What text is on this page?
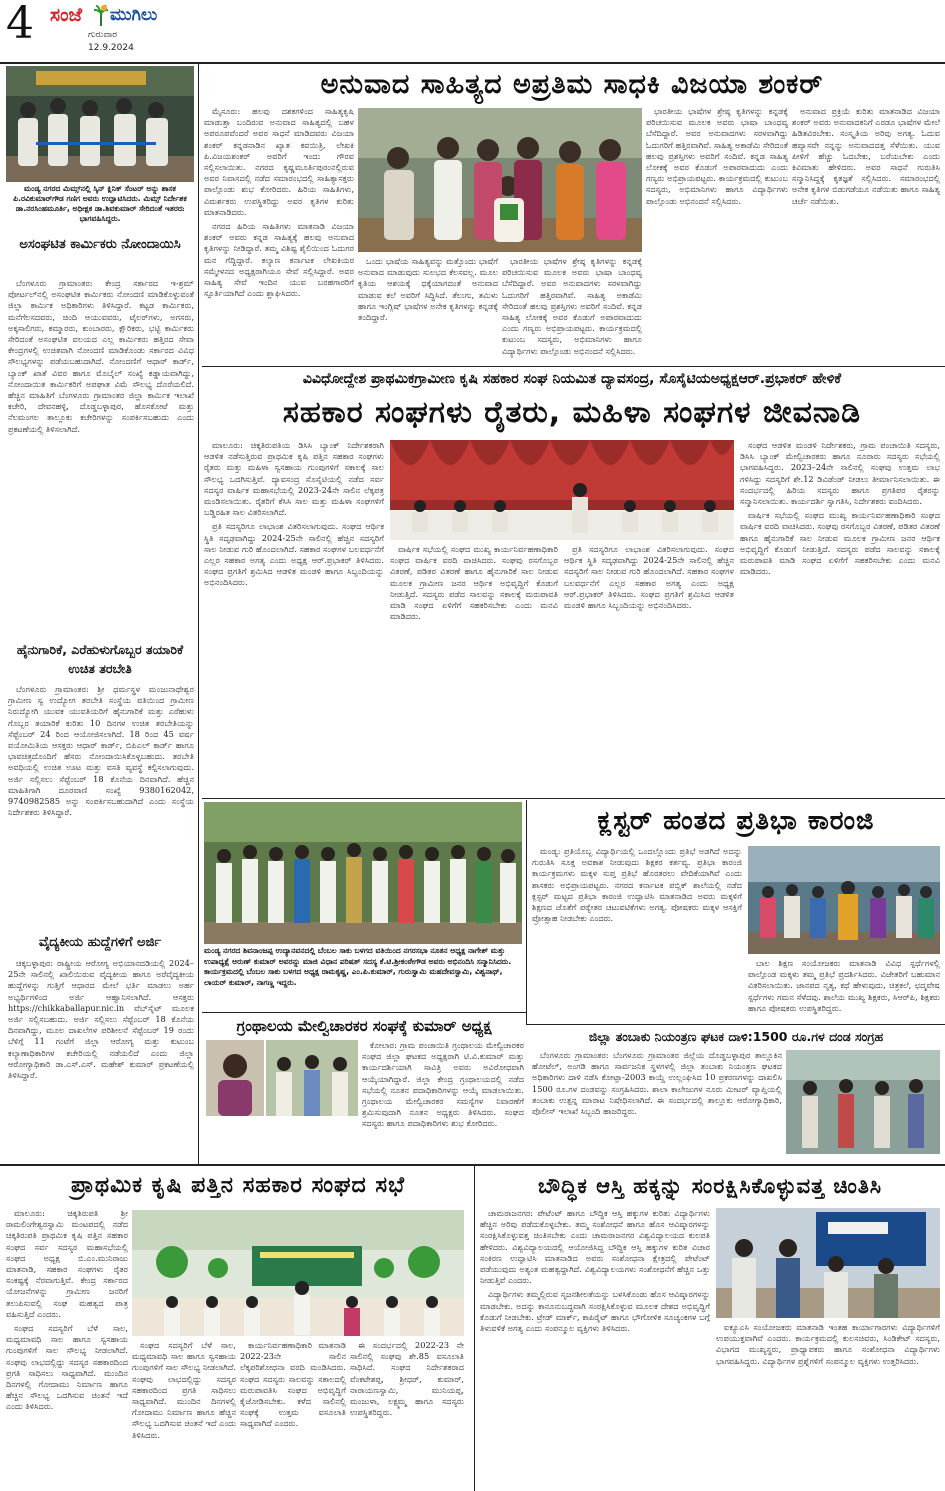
4 ಸಂಜೆ ಮುಗಿಲು
ಗುರುವಾರ
12.9.2024
ಮಂಡ್ಯ ನಗರದ ಮಿಮ್ಸ್‌ನಲ್ಲಿ ಸ್ಕಿನ್ ಕ್ಲಿನಿಕ್ ಸೆಂಟರ್ ಅನ್ನು ಶಾಸಕ ಪಿ.ರವಿಕುಮಾರ್‌ಗೌಡ ಗಣಿಗ ಅವರು ಉದ್ಘಾಟಿಸಿದರು. ಮಿಮ್ಸ್ ನಿರ್ದೇಶಕ ಡಾ.ನರಸಿಂಹಮೂರ್ತಿ, ಅಧೀಕ್ಷಕ ಡಾ.ಶಿವಕುಮಾರ್ ಸೇರಿದಂತೆ ಇತರರು ಭಾಗವಹಿಸಿದ್ದರು.
ಅಸಂಘಟಿತ ಕಾರ್ಮಿಕರು ನೋಂದಾಯಿಸಿ

ಬೆಂಗಳೂರು ಗ್ರಾಮಾಂತರ: ಕೇಂದ್ರ ಸರ್ಕಾರದ ಇ-ಶ್ರಮ್ ಪೋರ್ಟಲ್‌ನಲ್ಲಿ ಅಸಂಘಟಿತ ಕಾರ್ಮಿಕರು ನೋಂದಣಿ ಮಾಡಿಕೊಳ್ಳುವಂತೆ ಜಿಲ್ಲಾ ಕಾರ್ಮಿಕ ಅಧಿಕಾರಿಗಳು ತಿಳಿಸಿದ್ದಾರೆ. ಕಟ್ಟಡ ಕಾರ್ಮಿಕರು, ಮನೆಗೆಲಸದವರು, ಚಿಂದಿ ಆಯುವವರು, ಟೈಲರ್‌ಗಳು, ಅಗಸರು, ಅಕ್ಕಸಾಲಿಗರು, ಕಮ್ಮಾರರು, ಕುಂಬಾರರು, ಕ್ಷೌರಿಕರು, ಭಟ್ಟಿ ಕಾರ್ಮಿಕರು ಸೇರಿದಂತೆ ಅಸಂಘಟಿತ ವಲಯದ ಎಲ್ಲ ಕಾರ್ಮಿಕರು ಹತ್ತಿರದ ಸೇವಾ ಕೇಂದ್ರಗಳಲ್ಲಿ ಉಚಿತವಾಗಿ ನೋಂದಣಿ ಮಾಡಿಕೊಂಡು ಸರ್ಕಾರದ ವಿವಿಧ ಸೌಲಭ್ಯಗಳನ್ನು ಪಡೆಯಬಹುದಾಗಿದೆ. ನೋಂದಣಿಗೆ ಆಧಾರ್ ಕಾರ್ಡ್, ಬ್ಯಾಂಕ್ ಖಾತೆ ವಿವರ ಹಾಗೂ ಮೊಬೈಲ್ ಸಂಖ್ಯೆ ಕಡ್ಡಾಯವಾಗಿದ್ದು, ನೋಂದಾಯಿತ ಕಾರ್ಮಿಕರಿಗೆ ಅಪಘಾತ ವಿಮೆ ಸೌಲಭ್ಯ ದೊರೆಯಲಿದೆ. ಹೆಚ್ಚಿನ ಮಾಹಿತಿಗೆ ಬೆಂಗಳೂರು ಗ್ರಾಮಾಂತರ ಜಿಲ್ಲಾ ಕಾರ್ಮಿಕ ಇಲಾಖೆ ಕಚೇರಿ, ದೇವನಹಳ್ಳಿ, ದೊಡ್ಡಬಳ್ಳಾಪುರ, ಹೊಸಕೋಟೆ ಮತ್ತು ನೆಲಮಂಗಲ ತಾಲ್ಲೂಕು ಕಚೇರಿಗಳನ್ನು ಸಂಪರ್ಕಿಸಬಹುದು ಎಂದು ಪ್ರಕಟಣೆಯಲ್ಲಿ ತಿಳಿಸಲಾಗಿದೆ.

ಹೈನುಗಾರಿಕೆ, ಎರೆಹುಳುಗೊಬ್ಬರ ತಯಾರಿಕೆ ಉಚಿತ ತರಬೇತಿ

ಬೆಂಗಳೂರು ಗ್ರಾಮಾಂತರ: ಶ್ರೀ ಧರ್ಮಸ್ಥಳ ಮಂಜುನಾಥೇಶ್ವರ ಗ್ರಾಮೀಣ ಸ್ವ ಉದ್ಯೋಗ ತರಬೇತಿ ಸಂಸ್ಥೆಯ ವತಿಯಿಂದ ಗ್ರಾಮೀಣ ನಿರುದ್ಯೋಗಿ ಯುವಕ ಯುವತಿಯರಿಗೆ ಹೈನುಗಾರಿಕೆ ಮತ್ತು ಎರೆಹುಳು ಗೊಬ್ಬರ ತಯಾರಿಕೆ ಕುರಿತು 10 ದಿನಗಳ ಉಚಿತ ತರಬೇತಿಯನ್ನು ಸೆಪ್ಟೆಂಬರ್ 24 ರಿಂದ ಆಯೋಜಿಸಲಾಗಿದೆ. 18 ರಿಂದ 45 ವರ್ಷ ವಯೋಮಿತಿಯ ಆಸಕ್ತರು ಆಧಾರ್ ಕಾರ್ಡ್, ಬಿಪಿಎಲ್ ಕಾರ್ಡ್ ಹಾಗೂ ಭಾವಚಿತ್ರದೊಂದಿಗೆ ಹೆಸರು ನೋಂದಾಯಿಸಿಕೊಳ್ಳಬಹುದು. ತರಬೇತಿ ಅವಧಿಯಲ್ಲಿ ಉಚಿತ ಊಟ ಮತ್ತು ವಸತಿ ವ್ಯವಸ್ಥೆ ಕಲ್ಪಿಸಲಾಗುವುದು. ಅರ್ಜಿ ಸಲ್ಲಿಸಲು ಸೆಪ್ಟೆಂಬರ್ 18 ಕೊನೆಯ ದಿನವಾಗಿದೆ. ಹೆಚ್ಚಿನ ಮಾಹಿತಿಗಾಗಿ ದೂರವಾಣಿ ಸಂಖ್ಯೆ 9380162042, 9740982585 ಅನ್ನು ಸಂಪರ್ಕಿಸಬಹುದಾಗಿದೆ ಎಂದು ಸಂಸ್ಥೆಯ ನಿರ್ದೇಶಕರು ತಿಳಿಸಿದ್ದಾರೆ.

ವೈದ್ಯಕೀಯ ಹುದ್ದೆಗಳಿಗೆ ಅರ್ಜಿ

ಚಿಕ್ಕಬಳ್ಳಾಪುರ: ರಾಷ್ಟ್ರೀಯ ಆರೋಗ್ಯ ಅಭಿಯಾನದಡಿಯಲ್ಲಿ 2024–25ನೇ ಸಾಲಿನಲ್ಲಿ ಖಾಲಿಯಿರುವ ವೈದ್ಯಕೀಯ ಹಾಗೂ ಅರೆವೈದ್ಯಕೀಯ ಹುದ್ದೆಗಳನ್ನು ಗುತ್ತಿಗೆ ಆಧಾರದ ಮೇಲೆ ಭರ್ತಿ ಮಾಡಲು ಅರ್ಹ ಅಭ್ಯರ್ಥಿಗಳಿಂದ ಅರ್ಜಿ ಆಹ್ವಾನಿಸಲಾಗಿದೆ. ಆಸಕ್ತರು https://chikkaballapur.nic.in ವೆಬ್‌ಸೈಟ್ ಮೂಲಕ ಅರ್ಜಿ ಸಲ್ಲಿಸಬಹುದು. ಅರ್ಜಿ ಸಲ್ಲಿಸಲು ಸೆಪ್ಟೆಂಬರ್ 18 ಕೊನೆಯ ದಿನವಾಗಿದ್ದು, ಮೂಲ ದಾಖಲೆಗಳ ಪರಿಶೀಲನೆ ಸೆಪ್ಟೆಂಬರ್ 19 ರಂದು ಬೆಳಿಗ್ಗೆ 11 ಗಂಟೆಗೆ ಜಿಲ್ಲಾ ಆರೋಗ್ಯ ಮತ್ತು ಕುಟುಂಬ ಕಲ್ಯಾಣಾಧಿಕಾರಿಗಳ ಕಚೇರಿಯಲ್ಲಿ ನಡೆಯಲಿದೆ ಎಂದು ಜಿಲ್ಲಾ ಆರೋಗ್ಯಾಧಿಕಾರಿ ಡಾ.ಎಸ್.ಎಸ್. ಮಹೇಶ್ ಕುಮಾರ್ ಪ್ರಕಟಣೆಯಲ್ಲಿ ತಿಳಿಸಿದ್ದಾರೆ.

ಅನುವಾದ ಸಾಹಿತ್ಯದ ಅಪ್ರತಿಮ ಸಾಧಕಿ ವಿಜಯಾ ಶಂಕರ್

ಮೈಸೂರು: ಹಲವು ದಶಕಗಳಿಂದ ಸಾಹಿತ್ಯಕೃಷಿ ಮಾಡುತ್ತಾ ಬಂದಿರುವ ಅನುವಾದ ಸಾಹಿತ್ಯದಲ್ಲಿ ಬಹಳ ಅಪರೂಪವೆಂದರೆ ಅವರ ಸಾಧನೆ ಮಾಡಿದವರು ವಿಜಯಾ ಶಂಕರ್ ಕನ್ನಡನಾಡಿನ ಖ್ಯಾತ ಕವಯಿತ್ರಿ, ಲೇಖಕಿ ಪಿ.ವಿಜಯಶಂಕರ್ ಅವರಿಗೆ ಇಂದು ಗೌರವ ಸಲ್ಲಿಸಲಾಯಿತು. ನಗರದ ಕೃಷ್ಣಮೂರ್ತಿಪುರಂನಲ್ಲಿರುವ ಅವರ ನಿವಾಸದಲ್ಲಿ ನಡೆದ ಸಮಾರಂಭದಲ್ಲಿ ಸಾಹಿತ್ಯಾಸಕ್ತರು ಪಾಲ್ಗೊಂಡು ಶುಭ ಕೋರಿದರು. ಹಿರಿಯ ಸಾಹಿತಿಗಳು, ವಿಮರ್ಶಕರು ಉಪಸ್ಥಿತರಿದ್ದು ಅವರ ಕೃತಿಗಳ ಕುರಿತು ಮಾತನಾಡಿದರು.

ನಗರದ ಹಿರಿಯ ಸಾಹಿತಿಗಳು ಮಾತನಾಡಿ ವಿಜಯಾ ಶಂಕರ್ ಅವರು ಕನ್ನಡ ಸಾಹಿತ್ಯಕ್ಕೆ ಹಲವು ಅನುವಾದ ಕೃತಿಗಳನ್ನು ನೀಡಿದ್ದಾರೆ. ತಮ್ಮ ವಿಶಿಷ್ಟ ಶೈಲಿಯಿಂದ ಓದುಗರ ಮನ ಗೆದ್ದಿದ್ದಾರೆ. ಕಲ್ಯಾಣ ಕರ್ನಾಟಕ ಲೇಖಕಿಯರ ಸಮ್ಮೇಳನದ ಅಧ್ಯಕ್ಷರಾಗಿಯೂ ಸೇವೆ ಸಲ್ಲಿಸಿದ್ದಾರೆ. ಅವರ ಸಾಹಿತ್ಯ ಸೇವೆ ಇಂದಿನ ಯುವ ಬರಹಗಾರರಿಗೆ ಸ್ಫೂರ್ತಿಯಾಗಿದೆ ಎಂದು ಶ್ಲಾಘಿಸಿದರು.

ಒಂದು ಭಾಷೆಯ ಸಾಹಿತ್ಯವನ್ನು ಮತ್ತೊಂದು ಭಾಷೆಗೆ ಅನುವಾದ ಮಾಡುವುದು ಸುಲಭದ ಕೆಲಸವಲ್ಲ. ಮೂಲ ಕೃತಿಯ ಆಶಯಕ್ಕೆ ಧಕ್ಕೆಯಾಗದಂತೆ ಅನುವಾದ ಮಾಡುವ ಕಲೆ ಅವರಿಗೆ ಸಿದ್ಧಿಸಿದೆ. ತೆಲುಗು, ತಮಿಳು ಹಾಗೂ ಇಂಗ್ಲಿಷ್ ಭಾಷೆಗಳ ಅನೇಕ ಕೃತಿಗಳನ್ನು ಕನ್ನಡಕ್ಕೆ ತಂದಿದ್ದಾರೆ.

ಭಾರತೀಯ ಭಾಷೆಗಳ ಶ್ರೇಷ್ಠ ಕೃತಿಗಳನ್ನು ಕನ್ನಡಕ್ಕೆ ಪರಿಚಯಿಸುವ ಮೂಲಕ ಅವರು ಭಾಷಾ ಬಾಂಧವ್ಯ ಬೆಸೆದಿದ್ದಾರೆ. ಅವರ ಅನುವಾದಗಳು ಸರಳವಾಗಿದ್ದು ಓದುಗರಿಗೆ ಹತ್ತಿರವಾಗಿವೆ. ಸಾಹಿತ್ಯ ಅಕಾಡೆಮಿ ಸೇರಿದಂತೆ ಹಲವು ಪ್ರಶಸ್ತಿಗಳು ಅವರಿಗೆ ಸಂದಿವೆ. ಕನ್ನಡ ಸಾಹಿತ್ಯ ಲೋಕಕ್ಕೆ ಅವರ ಕೊಡುಗೆ ಅಪಾರವಾದುದು ಎಂದು ಗಣ್ಯರು ಅಭಿಪ್ರಾಯಪಟ್ಟರು. ಕಾರ್ಯಕ್ರಮದಲ್ಲಿ ಕುಟುಂಬ ಸದಸ್ಯರು, ಅಭಿಮಾನಿಗಳು ಹಾಗೂ ವಿದ್ಯಾರ್ಥಿಗಳು ಪಾಲ್ಗೊಂಡು ಅಭಿನಂದನೆ ಸಲ್ಲಿಸಿದರು.

ಭಾರತೀಯ ಭಾಷೆಗಳ ಶ್ರೇಷ್ಠ ಕೃತಿಗಳನ್ನು ಕನ್ನಡಕ್ಕೆ ಪರಿಚಯಿಸುವ ಮೂಲಕ ಅವರು ಭಾಷಾ ಬಾಂಧವ್ಯ ಬೆಸೆದಿದ್ದಾರೆ. ಅವರ ಅನುವಾದಗಳು ಸರಳವಾಗಿದ್ದು ಓದುಗರಿಗೆ ಹತ್ತಿರವಾಗಿವೆ. ಸಾಹಿತ್ಯ ಅಕಾಡೆಮಿ ಸೇರಿದಂತೆ ಹಲವು ಪ್ರಶಸ್ತಿಗಳು ಅವರಿಗೆ ಸಂದಿವೆ. ಕನ್ನಡ ಸಾಹಿತ್ಯ ಲೋಕಕ್ಕೆ ಅವರ ಕೊಡುಗೆ ಅಪಾರವಾದುದು ಎಂದು ಗಣ್ಯರು ಅಭಿಪ್ರಾಯಪಟ್ಟರು. ಕಾರ್ಯಕ್ರಮದಲ್ಲಿ ಕುಟುಂಬ ಸದಸ್ಯರು, ಅಭಿಮಾನಿಗಳು ಹಾಗೂ ವಿದ್ಯಾರ್ಥಿಗಳು ಪಾಲ್ಗೊಂಡು ಅಭಿನಂದನೆ ಸಲ್ಲಿಸಿದರು.

ಅನುವಾದ ಪ್ರಕ್ರಿಯೆ ಕುರಿತು ಮಾತನಾಡಿದ ವಿಜಯಾ ಶಂಕರ್ ಅವರು ಅನುವಾದಕನಿಗೆ ಎರಡೂ ಭಾಷೆಗಳ ಮೇಲೆ ಹಿಡಿತವಿರಬೇಕು. ಸಂಸ್ಕೃತಿಯ ಅರಿವು ಅಗತ್ಯ. ಓದುವ ಹವ್ಯಾಸವೇ ನನ್ನನ್ನು ಅನುವಾದದತ್ತ ಸೆಳೆಯಿತು. ಯುವ ಪೀಳಿಗೆ ಹೆಚ್ಚು ಓದಬೇಕು, ಬರೆಯಬೇಕು ಎಂದು ಕಿವಿಮಾತು ಹೇಳಿದರು. ಅವರ ಸಾಧನೆ ಗುರುತಿಸಿ ಸನ್ಮಾನಿಸಿದ್ದಕ್ಕೆ ಕೃತಜ್ಞತೆ ಸಲ್ಲಿಸಿದರು. ಸಮಾರಂಭದಲ್ಲಿ ಅನೇಕ ಕೃತಿಗಳ ಬಿಡುಗಡೆಯೂ ನಡೆಯಿತು ಹಾಗೂ ಸಾಹಿತ್ಯ ಚರ್ಚೆ ನಡೆಯಿತು.

ವಿವಿಧೋದ್ದೇಶ ಪ್ರಾಥಮಿಕಗ್ರಾಮೀಣ ಕೃಷಿ ಸಹಕಾರ ಸಂಘ ನಿಯಮಿತ ದ್ಯಾವಸಂದ್ರ, ಸೊಸೈಟಿಯಅಧ್ಯಕ್ಷಆರ್.ಪ್ರಭಾಕರ್ ಹೇಳಿಕೆ
ಸಹಕಾರ ಸಂಘಗಳು ರೈತರು, ಮಹಿಳಾ ಸಂಘಗಳ ಜೀವನಾಡಿ

ಮಾಲೂರು: ಚಿಕ್ಕತಿರುಪತಿಯ ಡಿಸಿಸಿ ಬ್ಯಾಂಕ್ ನಿರ್ದೇಶಕರಾಗಿ ಆಡಳಿತ ನಡೆಸುತ್ತಿರುವ ಪ್ರಾಥಮಿಕ ಕೃಷಿ ಪತ್ತಿನ ಸಹಕಾರ ಸಂಘಗಳು ರೈತರು ಮತ್ತು ಮಹಿಳಾ ಸ್ವಸಹಾಯ ಗುಂಪುಗಳಿಗೆ ಸಕಾಲಕ್ಕೆ ಸಾಲ ಸೌಲಭ್ಯ ಒದಗಿಸುತ್ತಿವೆ. ದ್ಯಾವಸಂದ್ರ ಸೊಸೈಟಿಯಲ್ಲಿ ನಡೆದ ಸರ್ವ ಸದಸ್ಯರ ವಾರ್ಷಿಕ ಮಹಾಸಭೆಯಲ್ಲಿ 2023-24ನೇ ಸಾಲಿನ ಲೆಕ್ಕಪತ್ರ ಮಂಡಿಸಲಾಯಿತು. ರೈತರಿಗೆ ಕೆಸಿಸಿ ಸಾಲ ಮತ್ತು ಮಹಿಳಾ ಸಂಘಗಳಿಗೆ ಬಡ್ಡಿರಹಿತ ಸಾಲ ವಿತರಿಸಲಾಗಿದೆ.

ಪ್ರತಿ ಸದಸ್ಯರಿಗೂ ಲಾಭಾಂಶ ವಿತರಿಸಲಾಗುವುದು. ಸಂಘದ ಆರ್ಥಿಕ ಸ್ಥಿತಿ ಸದೃಢವಾಗಿದ್ದು 2024-25ನೇ ಸಾಲಿನಲ್ಲಿ ಹೆಚ್ಚಿನ ಸದಸ್ಯರಿಗೆ ಸಾಲ ನೀಡುವ ಗುರಿ ಹೊಂದಲಾಗಿದೆ. ಸಹಕಾರ ಸಂಘಗಳ ಬಲವರ್ಧನೆಗೆ ಎಲ್ಲರ ಸಹಕಾರ ಅಗತ್ಯ ಎಂದು ಅಧ್ಯಕ್ಷ ಆರ್.ಪ್ರಭಾಕರ್ ತಿಳಿಸಿದರು. ಸಂಘದ ಪ್ರಗತಿಗೆ ಶ್ರಮಿಸಿದ ಆಡಳಿತ ಮಂಡಳಿ ಹಾಗೂ ಸಿಬ್ಬಂದಿಯನ್ನು ಅಭಿನಂದಿಸಿದರು.

ವಾರ್ಷಿಕ ಸಭೆಯಲ್ಲಿ ಸಂಘದ ಮುಖ್ಯ ಕಾರ್ಯನಿರ್ವಹಣಾಧಿಕಾರಿ ಸಂಘದ ವಾರ್ಷಿಕ ವರದಿ ವಾಚಿಸಿದರು. ಸಂಘವು ರಸಗೊಬ್ಬರ ವಿತರಣೆ, ಪಡಿತರ ವಿತರಣೆ ಹಾಗೂ ಹೈನುಗಾರಿಕೆ ಸಾಲ ನೀಡುವ ಮೂಲಕ ಗ್ರಾಮೀಣ ಜನರ ಆರ್ಥಿಕ ಅಭಿವೃದ್ಧಿಗೆ ಕೊಡುಗೆ ನೀಡುತ್ತಿದೆ. ಸದಸ್ಯರು ಪಡೆದ ಸಾಲವನ್ನು ಸಕಾಲಕ್ಕೆ ಮರುಪಾವತಿ ಮಾಡಿ ಸಂಘದ ಏಳಿಗೆಗೆ ಸಹಕರಿಸಬೇಕು ಎಂದು ಮನವಿ ಮಾಡಿದರು.

ಪ್ರತಿ ಸದಸ್ಯರಿಗೂ ಲಾಭಾಂಶ ವಿತರಿಸಲಾಗುವುದು. ಸಂಘದ ಆರ್ಥಿಕ ಸ್ಥಿತಿ ಸದೃಢವಾಗಿದ್ದು 2024-25ನೇ ಸಾಲಿನಲ್ಲಿ ಹೆಚ್ಚಿನ ಸದಸ್ಯರಿಗೆ ಸಾಲ ನೀಡುವ ಗುರಿ ಹೊಂದಲಾಗಿದೆ. ಸಹಕಾರ ಸಂಘಗಳ ಬಲವರ್ಧನೆಗೆ ಎಲ್ಲರ ಸಹಕಾರ ಅಗತ್ಯ ಎಂದು ಅಧ್ಯಕ್ಷ ಆರ್.ಪ್ರಭಾಕರ್ ತಿಳಿಸಿದರು. ಸಂಘದ ಪ್ರಗತಿಗೆ ಶ್ರಮಿಸಿದ ಆಡಳಿತ ಮಂಡಳಿ ಹಾಗೂ ಸಿಬ್ಬಂದಿಯನ್ನು ಅಭಿನಂದಿಸಿದರು.

ಸಂಘದ ಆಡಳಿತ ಮಂಡಳಿ ನಿರ್ದೇಶಕರು, ಗ್ರಾಮ ಪಂಚಾಯಿತಿ ಸದಸ್ಯರು, ಡಿಸಿಸಿ ಬ್ಯಾಂಕ್ ಮೇಲ್ವಿಚಾರಕರು ಹಾಗೂ ನೂರಾರು ಸದಸ್ಯರು ಸಭೆಯಲ್ಲಿ ಭಾಗವಹಿಸಿದ್ದರು. 2023–24ನೇ ಸಾಲಿನಲ್ಲಿ ಸಂಘವು ಉತ್ತಮ ಲಾಭ ಗಳಿಸಿದ್ದು ಸದಸ್ಯರಿಗೆ ಶೇ.12 ಡಿವಿಡೆಂಡ್ ನೀಡಲು ತೀರ್ಮಾನಿಸಲಾಯಿತು. ಈ ಸಂದರ್ಭದಲ್ಲಿ ಹಿರಿಯ ಸದಸ್ಯರು ಹಾಗೂ ಪ್ರಗತಿಪರ ರೈತರನ್ನು ಸನ್ಮಾನಿಸಲಾಯಿತು. ಕಾರ್ಯದರ್ಶಿ ಸ್ವಾಗತಿಸಿ, ನಿರ್ದೇಶಕರು ವಂದಿಸಿದರು.

ವಾರ್ಷಿಕ ಸಭೆಯಲ್ಲಿ ಸಂಘದ ಮುಖ್ಯ ಕಾರ್ಯನಿರ್ವಹಣಾಧಿಕಾರಿ ಸಂಘದ ವಾರ್ಷಿಕ ವರದಿ ವಾಚಿಸಿದರು. ಸಂಘವು ರಸಗೊಬ್ಬರ ವಿತರಣೆ, ಪಡಿತರ ವಿತರಣೆ ಹಾಗೂ ಹೈನುಗಾರಿಕೆ ಸಾಲ ನೀಡುವ ಮೂಲಕ ಗ್ರಾಮೀಣ ಜನರ ಆರ್ಥಿಕ ಅಭಿವೃದ್ಧಿಗೆ ಕೊಡುಗೆ ನೀಡುತ್ತಿದೆ. ಸದಸ್ಯರು ಪಡೆದ ಸಾಲವನ್ನು ಸಕಾಲಕ್ಕೆ ಮರುಪಾವತಿ ಮಾಡಿ ಸಂಘದ ಏಳಿಗೆಗೆ ಸಹಕರಿಸಬೇಕು ಎಂದು ಮನವಿ ಮಾಡಿದರು.

ಮಂಡ್ಯ ನಗರದ ಶಿವನಾಂಜಪ್ಪ ಉದ್ಯಾನವನದಲ್ಲಿ ಬೆಂಬಲ ಸಾಕು ಬಳಗದ ವತಿಯಿಂದ ನಗರಸಭಾ ನೂತನ ಅಧ್ಯಕ್ಷ ನಾಗೇಶ್ ಮತ್ತು ಉಪಾಧ್ಯಕ್ಷೆ ಅರುಣ್‌ ಕುಮಾರ್ ಅವರನ್ನು ಮಾಜಿ ವಿಧಾನ ಪರಿಷತ್ ಸದಸ್ಯ ಕೆ.ಟಿ.ಶ್ರೀಕಂಠೇಗೌಡ ಅವರು ಅಭಿನಂದಿಸಿ ಸನ್ಮಾನಿಸಿದರು. ಕಾರ್ಯಕ್ರಮದಲ್ಲಿ ಬೆಂಬಲ ಸಾಕು ಬಳಗದ ಅಧ್ಯಕ್ಷ ರಾಮಕೃಷ್ಣ, ಎಂ.ಪಿ.ಕುಮಾರ್, ಗುರುಸ್ವಾಮಿ ಮಹದೇವಸ್ವಾಮಿ, ವಿಶ್ವನಾಥ್, ಲಾಯರ್ ಕುಮಾರ್, ನಾಗಣ್ಣ ಇದ್ದರು.
ಕ್ಲಸ್ಟರ್ ಹಂತದ ಪ್ರತಿಭಾ ಕಾರಂಜಿ

ಮಂಡ್ಯ: ಪ್ರತಿಯೊಬ್ಬ ವಿದ್ಯಾರ್ಥಿಯಲ್ಲಿ ಒಂದಲ್ಲೊಂದು ಪ್ರತಿಭೆ ಅಡಗಿದೆ ಅದನ್ನು ಗುರುತಿಸಿ ಸೂಕ್ತ ಅವಕಾಶ ನೀಡುವುದು ಶಿಕ್ಷಕರ ಕರ್ತವ್ಯ. ಪ್ರತಿಭಾ ಕಾರಂಜಿ ಕಾರ್ಯಕ್ರಮಗಳು ಮಕ್ಕಳ ಸುಪ್ತ ಪ್ರತಿಭೆ ಹೊರತರಲು ವೇದಿಕೆಯಾಗಿವೆ ಎಂದು ಶಾಸಕರು ಅಭಿಪ್ರಾಯಪಟ್ಟರು. ನಗರದ ಕರ್ನಾಟಕ ಪಬ್ಲಿಕ್ ಶಾಲೆಯಲ್ಲಿ ನಡೆದ ಕ್ಲಸ್ಟರ್ ಮಟ್ಟದ ಪ್ರತಿಭಾ ಕಾರಂಜಿ ಉದ್ಘಾಟಿಸಿ ಮಾತನಾಡಿದ ಅವರು ಮಕ್ಕಳಿಗೆ ಶಿಕ್ಷಣದ ಜೊತೆಗೆ ಪಠ್ಯೇತರ ಚಟುವಟಿಕೆಗಳು ಅಗತ್ಯ. ಪೋಷಕರು ಮಕ್ಕಳ ಆಸಕ್ತಿಗೆ ಪ್ರೋತ್ಸಾಹ ನೀಡಬೇಕು ಎಂದರು.

ಬಾಲ ಶಿಕ್ಷಣ ಸಂಯೋಜಕರು ಮಾತನಾಡಿ ವಿವಿಧ ಸ್ಪರ್ಧೆಗಳಲ್ಲಿ ಪಾಲ್ಗೊಂಡ ಮಕ್ಕಳು ತಮ್ಮ ಪ್ರತಿಭೆ ಪ್ರದರ್ಶಿಸಿದರು. ವಿಜೇತರಿಗೆ ಬಹುಮಾನ ವಿತರಿಸಲಾಯಿತು. ಜಾನಪದ ನೃತ್ಯ, ಕಥೆ ಹೇಳುವುದು, ಚಿತ್ರಕಲೆ, ಛದ್ಮವೇಷ ಸ್ಪರ್ಧೆಗಳು ಗಮನ ಸೆಳೆದವು. ಶಾಲೆಯ ಮುಖ್ಯ ಶಿಕ್ಷಕರು, ಸಿಆರ್‌ಪಿ, ಶಿಕ್ಷಕರು ಹಾಗೂ ಪೋಷಕರು ಉಪಸ್ಥಿತರಿದ್ದರು.

ಗ್ರಂಥಾಲಯ ಮೇಲ್ವಿಚಾರಕರ ಸಂಘಕ್ಕೆ ಕುಮಾರ್ ಅಧ್ಯಕ್ಷ

ಕೋಲಾರ: ಗ್ರಾಮ ಪಂಚಾಯಿತಿ ಗ್ರಂಥಾಲಯ ಮೇಲ್ವಿಚಾರಕರ ಸಂಘದ ಜಿಲ್ಲಾ ಘಟಕದ ಅಧ್ಯಕ್ಷರಾಗಿ ಟಿ.ವಿ.ಕುಮಾರ್ ಮತ್ತು ಕಾರ್ಯದರ್ಶಿಯಾಗಿ ಸಾವಿತ್ರಿ ಅವರು ಅವಿರೋಧವಾಗಿ ಆಯ್ಕೆಯಾಗಿದ್ದಾರೆ. ಜಿಲ್ಲಾ ಕೇಂದ್ರ ಗ್ರಂಥಾಲಯದಲ್ಲಿ ನಡೆದ ಸಭೆಯಲ್ಲಿ ನೂತನ ಪದಾಧಿಕಾರಿಗಳನ್ನು ಆಯ್ಕೆ ಮಾಡಲಾಯಿತು. ಗ್ರಂಥಾಲಯ ಮೇಲ್ವಿಚಾರಕರ ಸಮಸ್ಯೆಗಳ ನಿವಾರಣೆಗೆ ಶ್ರಮಿಸುವುದಾಗಿ ನೂತನ ಅಧ್ಯಕ್ಷರು ತಿಳಿಸಿದರು. ಸಂಘದ ಸದಸ್ಯರು ಹಾಗೂ ಪದಾಧಿಕಾರಿಗಳು ಶುಭ ಕೋರಿದರು.

ಜಿಲ್ಲಾ ತಂಬಾಕು ನಿಯಂತ್ರಣ ಘಟಕ ದಾಳಿ:1500 ರೂ.ಗಳ ದಂಡ ಸಂಗ್ರಹ

ಬೆಂಗಳೂರು ಗ್ರಾಮಾಂತರ: ಬೆಂಗಳೂರು ಗ್ರಾಮಾಂತರ ಜಿಲ್ಲೆಯ ದೊಡ್ಡಬಳ್ಳಾಪುರ ತಾಲ್ಲೂಕಿನ ಹೋಟೆಲ್, ಅಂಗಡಿ ಹಾಗೂ ಸಾರ್ವಜನಿಕ ಸ್ಥಳಗಳಲ್ಲಿ ಜಿಲ್ಲಾ ತಂಬಾಕು ನಿಯಂತ್ರಣ ಘಟಕದ ಅಧಿಕಾರಿಗಳು ದಾಳಿ ನಡೆಸಿ ಕೋಟ್ಪಾ-2003 ಕಾಯ್ದೆ ಉಲ್ಲಂಘಿಸಿದ 10 ಪ್ರಕರಣಗಳನ್ನು ದಾಖಲಿಸಿ 1500 ರೂ.ಗಳ ದಂಡವನ್ನು ಸಂಗ್ರಹಿಸಿದರು. ಶಾಲಾ ಕಾಲೇಜುಗಳ ನೂರು ಮೀಟರ್ ವ್ಯಾಪ್ತಿಯಲ್ಲಿ ತಂಬಾಕು ಉತ್ಪನ್ನ ಮಾರಾಟ ನಿಷೇಧಿಸಲಾಗಿದೆ. ಈ ಸಂದರ್ಭದಲ್ಲಿ ತಾಲ್ಲೂಕು ಆರೋಗ್ಯಾಧಿಕಾರಿ, ಪೊಲೀಸ್ ಇಲಾಖೆ ಸಿಬ್ಬಂದಿ ಹಾಜರಿದ್ದರು.

ಪ್ರಾಥಮಿಕ ಕೃಷಿ ಪತ್ತಿನ ಸಹಕಾರ ಸಂಘದ ಸಭೆ

ಮಾಲೂರು: ಚಿಕ್ಕತಿರುಪತಿ ಶ್ರೀ ರಾಮಲಿಂಗೇಶ್ವರಸ್ವಾಮಿ ಮಂಟಪದಲ್ಲಿ ನಡೆದ ಚಿಕ್ಕತಿರುಪತಿ ಪ್ರಾಥಮಿಕ ಕೃಷಿ ಪತ್ತಿನ ಸಹಕಾರ ಸಂಘದ ಸರ್ವ ಸದಸ್ಯರ ಮಹಾಸಭೆಯಲ್ಲಿ ಸಂಘದ ಅಧ್ಯಕ್ಷ ಬಿ.ಎಂ.ಮುನಿರಾಜು ಮಾತನಾಡಿ, ಸಹಕಾರ ಸಂಘಗಳು ರೈತರ ಸಂಕಷ್ಟಕ್ಕೆ ನೆರವಾಗುತ್ತಿವೆ. ಕೇಂದ್ರ ಸರ್ಕಾರದ ಯೋಜನೆಗಳನ್ನು ಗ್ರಾಮೀಣ ಜನರಿಗೆ ತಲುಪಿಸುವಲ್ಲಿ ಸಂಘ ಮಹತ್ವದ ಪಾತ್ರ ವಹಿಸುತ್ತಿದೆ ಎಂದರು.

ಸಂಘದ ಸದಸ್ಯರಿಗೆ ಬೆಳೆ ಸಾಲ, ಮಧ್ಯಮಾವಧಿ ಸಾಲ ಹಾಗೂ ಸ್ವಸಹಾಯ ಗುಂಪುಗಳಿಗೆ ಸಾಲ ಸೌಲಭ್ಯ ನೀಡಲಾಗಿದೆ. ಸಂಘವು ಲಾಭದಲ್ಲಿದ್ದು ಸದಸ್ಯರ ಸಹಕಾರದಿಂದ ಪ್ರಗತಿ ಸಾಧಿಸಲು ಸಾಧ್ಯವಾಗಿದೆ. ಮುಂದಿನ ದಿನಗಳಲ್ಲಿ ಗೋದಾಮು ನಿರ್ಮಾಣ ಹಾಗೂ ಹೆಚ್ಚಿನ ಸೌಲಭ್ಯ ಒದಗಿಸುವ ಚಿಂತನೆ ಇದೆ ಎಂದು ತಿಳಿಸಿದರು.

ಸಂಘದ ಸದಸ್ಯರಿಗೆ ಬೆಳೆ ಸಾಲ, ಮಧ್ಯಮಾವಧಿ ಸಾಲ ಹಾಗೂ ಸ್ವಸಹಾಯ ಗುಂಪುಗಳಿಗೆ ಸಾಲ ಸೌಲಭ್ಯ ನೀಡಲಾಗಿದೆ. ಸಂಘವು ಲಾಭದಲ್ಲಿದ್ದು ಸದಸ್ಯರ ಸಹಕಾರದಿಂದ ಪ್ರಗತಿ ಸಾಧಿಸಲು ಸಾಧ್ಯವಾಗಿದೆ. ಮುಂದಿನ ದಿನಗಳಲ್ಲಿ ಗೋದಾಮು ನಿರ್ಮಾಣ ಹಾಗೂ ಹೆಚ್ಚಿನ ಸೌಲಭ್ಯ ಒದಗಿಸುವ ಚಿಂತನೆ ಇದೆ ಎಂದು ತಿಳಿಸಿದರು.

ಕಾರ್ಯನಿರ್ವಹಣಾಧಿಕಾರಿ ಮಾತನಾಡಿ 2022-23ನೇ ಸಾಲಿನ ಲೆಕ್ಕಪರಿಶೋಧನಾ ವರದಿ ಮಂಡಿಸಿದರು. ಸಂಘದ ಸದಸ್ಯರು ಸಾಲವನ್ನು ಸಕಾಲದಲ್ಲಿ ಮರುಪಾವತಿಸಿ ಸಂಘದ ಅಭಿವೃದ್ಧಿಗೆ ಕೈಜೋಡಿಸಬೇಕು. ಕಳೆದ ಸಾಲಿನಲ್ಲಿ ಸಂಘಕ್ಕೆ ಉತ್ತಮ ವಸೂಲಾತಿ ಸಾಧ್ಯವಾಗಿದೆ ಎಂದರು.

ಈ ಸಂದರ್ಭದಲ್ಲಿ 2022-23 ನೇ ಸಾಲಿನಲ್ಲಿ ಸಂಘವು ಶೇ.85 ವಸೂಲಾತಿ ಸಾಧಿಸಿದೆ. ಸಂಘದ ನಿರ್ದೇಶಕರಾದ ವೆಂಕಟೇಶಪ್ಪ, ಶ್ರೀಧರ್, ಕುಮಾರ್, ನಾರಾಯಣಸ್ವಾಮಿ, ಮುನಿಯಪ್ಪ, ಮಂಜುಳಾ, ಲಕ್ಷ್ಮಮ್ಮ ಹಾಗೂ ಸದಸ್ಯರು ಉಪಸ್ಥಿತರಿದ್ದರು.

ಬೌದ್ಧಿಕ ಆಸ್ತಿ ಹಕ್ಕನ್ನು ಸಂರಕ್ಷಿಸಿಕೊಳ್ಳುವತ್ತ ಚಿಂತಿಸಿ

ಚಾಮರಾಜನಗರ: ಪೇಟೆಂಟ್ ಹಾಗೂ ಬೌದ್ಧಿಕ ಆಸ್ತಿ ಹಕ್ಕುಗಳ ಕುರಿತು ವಿದ್ಯಾರ್ಥಿಗಳು ಹೆಚ್ಚಿನ ಅರಿವು ಪಡೆದುಕೊಳ್ಳಬೇಕು. ತಮ್ಮ ಸಂಶೋಧನೆ ಹಾಗೂ ಹೊಸ ಆವಿಷ್ಕಾರಗಳನ್ನು ಸಂರಕ್ಷಿಸಿಕೊಳ್ಳುವತ್ತ ಚಿಂತಿಸಬೇಕು ಎಂದು ಚಾಮರಾಜನಗರ ವಿಶ್ವವಿದ್ಯಾಲಯದ ಕುಲಪತಿ ಹೇಳಿದರು. ವಿಶ್ವವಿದ್ಯಾಲಯದಲ್ಲಿ ಆಯೋಜಿಸಿದ್ದ ಬೌದ್ಧಿಕ ಆಸ್ತಿ ಹಕ್ಕುಗಳ ಕುರಿತ ವಿಚಾರ ಸಂಕಿರಣ ಉದ್ಘಾಟಿಸಿ ಮಾತನಾಡಿದ ಅವರು ಸಂಶೋಧನಾ ಕ್ಷೇತ್ರದಲ್ಲಿ ಪೇಟೆಂಟ್ ಪಡೆಯುವುದು ಅತ್ಯಂತ ಮಹತ್ವದ್ದಾಗಿದೆ. ವಿಶ್ವವಿದ್ಯಾಲಯಗಳು ಸಂಶೋಧನೆಗೆ ಹೆಚ್ಚಿನ ಒತ್ತು ನೀಡುತ್ತಿವೆ ಎಂದರು.

ವಿದ್ಯಾರ್ಥಿಗಳು ತಮ್ಮಲ್ಲಿರುವ ಸೃಜನಶೀಲತೆಯನ್ನು ಬಳಸಿಕೊಂಡು ಹೊಸ ಆವಿಷ್ಕಾರಗಳನ್ನು ಮಾಡಬೇಕು. ಅದನ್ನು ಕಾನೂನುಬದ್ಧವಾಗಿ ಸಂರಕ್ಷಿಸಿಕೊಳ್ಳುವ ಮೂಲಕ ದೇಶದ ಅಭಿವೃದ್ಧಿಗೆ ಕೊಡುಗೆ ನೀಡಬೇಕು. ಟ್ರೇಡ್ ಮಾರ್ಕ್, ಕಾಪಿರೈಟ್ ಹಾಗೂ ಭೌಗೋಳಿಕ ಸೂಚ್ಯಂಕಗಳ ಬಗ್ಗೆ ತಿಳುವಳಿಕೆ ಅಗತ್ಯ ಎಂದು ಸಂಪನ್ಮೂಲ ವ್ಯಕ್ತಿಗಳು ತಿಳಿಸಿದರು.	ಐಕ್ಯೂಎಸಿ ಸಂಯೋಜಕರು ಮಾತನಾಡಿ ಇಂತಹ ಕಾರ್ಯಾಗಾರಗಳು ವಿದ್ಯಾರ್ಥಿಗಳಿಗೆ ಉಪಯುಕ್ತವಾಗಿವೆ ಎಂದರು. ಕಾರ್ಯಕ್ರಮದಲ್ಲಿ ಕುಲಸಚಿವರು, ಸಿಂಡಿಕೇಟ್ ಸದಸ್ಯರು, ವಿಭಾಗದ ಮುಖ್ಯಸ್ಥರು, ಪ್ರಾಧ್ಯಾಪಕರು ಹಾಗೂ ಸಂಶೋಧನಾ ವಿದ್ಯಾರ್ಥಿಗಳು ಭಾಗವಹಿಸಿದ್ದರು. ವಿದ್ಯಾರ್ಥಿಗಳ ಪ್ರಶ್ನೆಗಳಿಗೆ ಸಂಪನ್ಮೂಲ ವ್ಯಕ್ತಿಗಳು ಉತ್ತರಿಸಿದರು.
